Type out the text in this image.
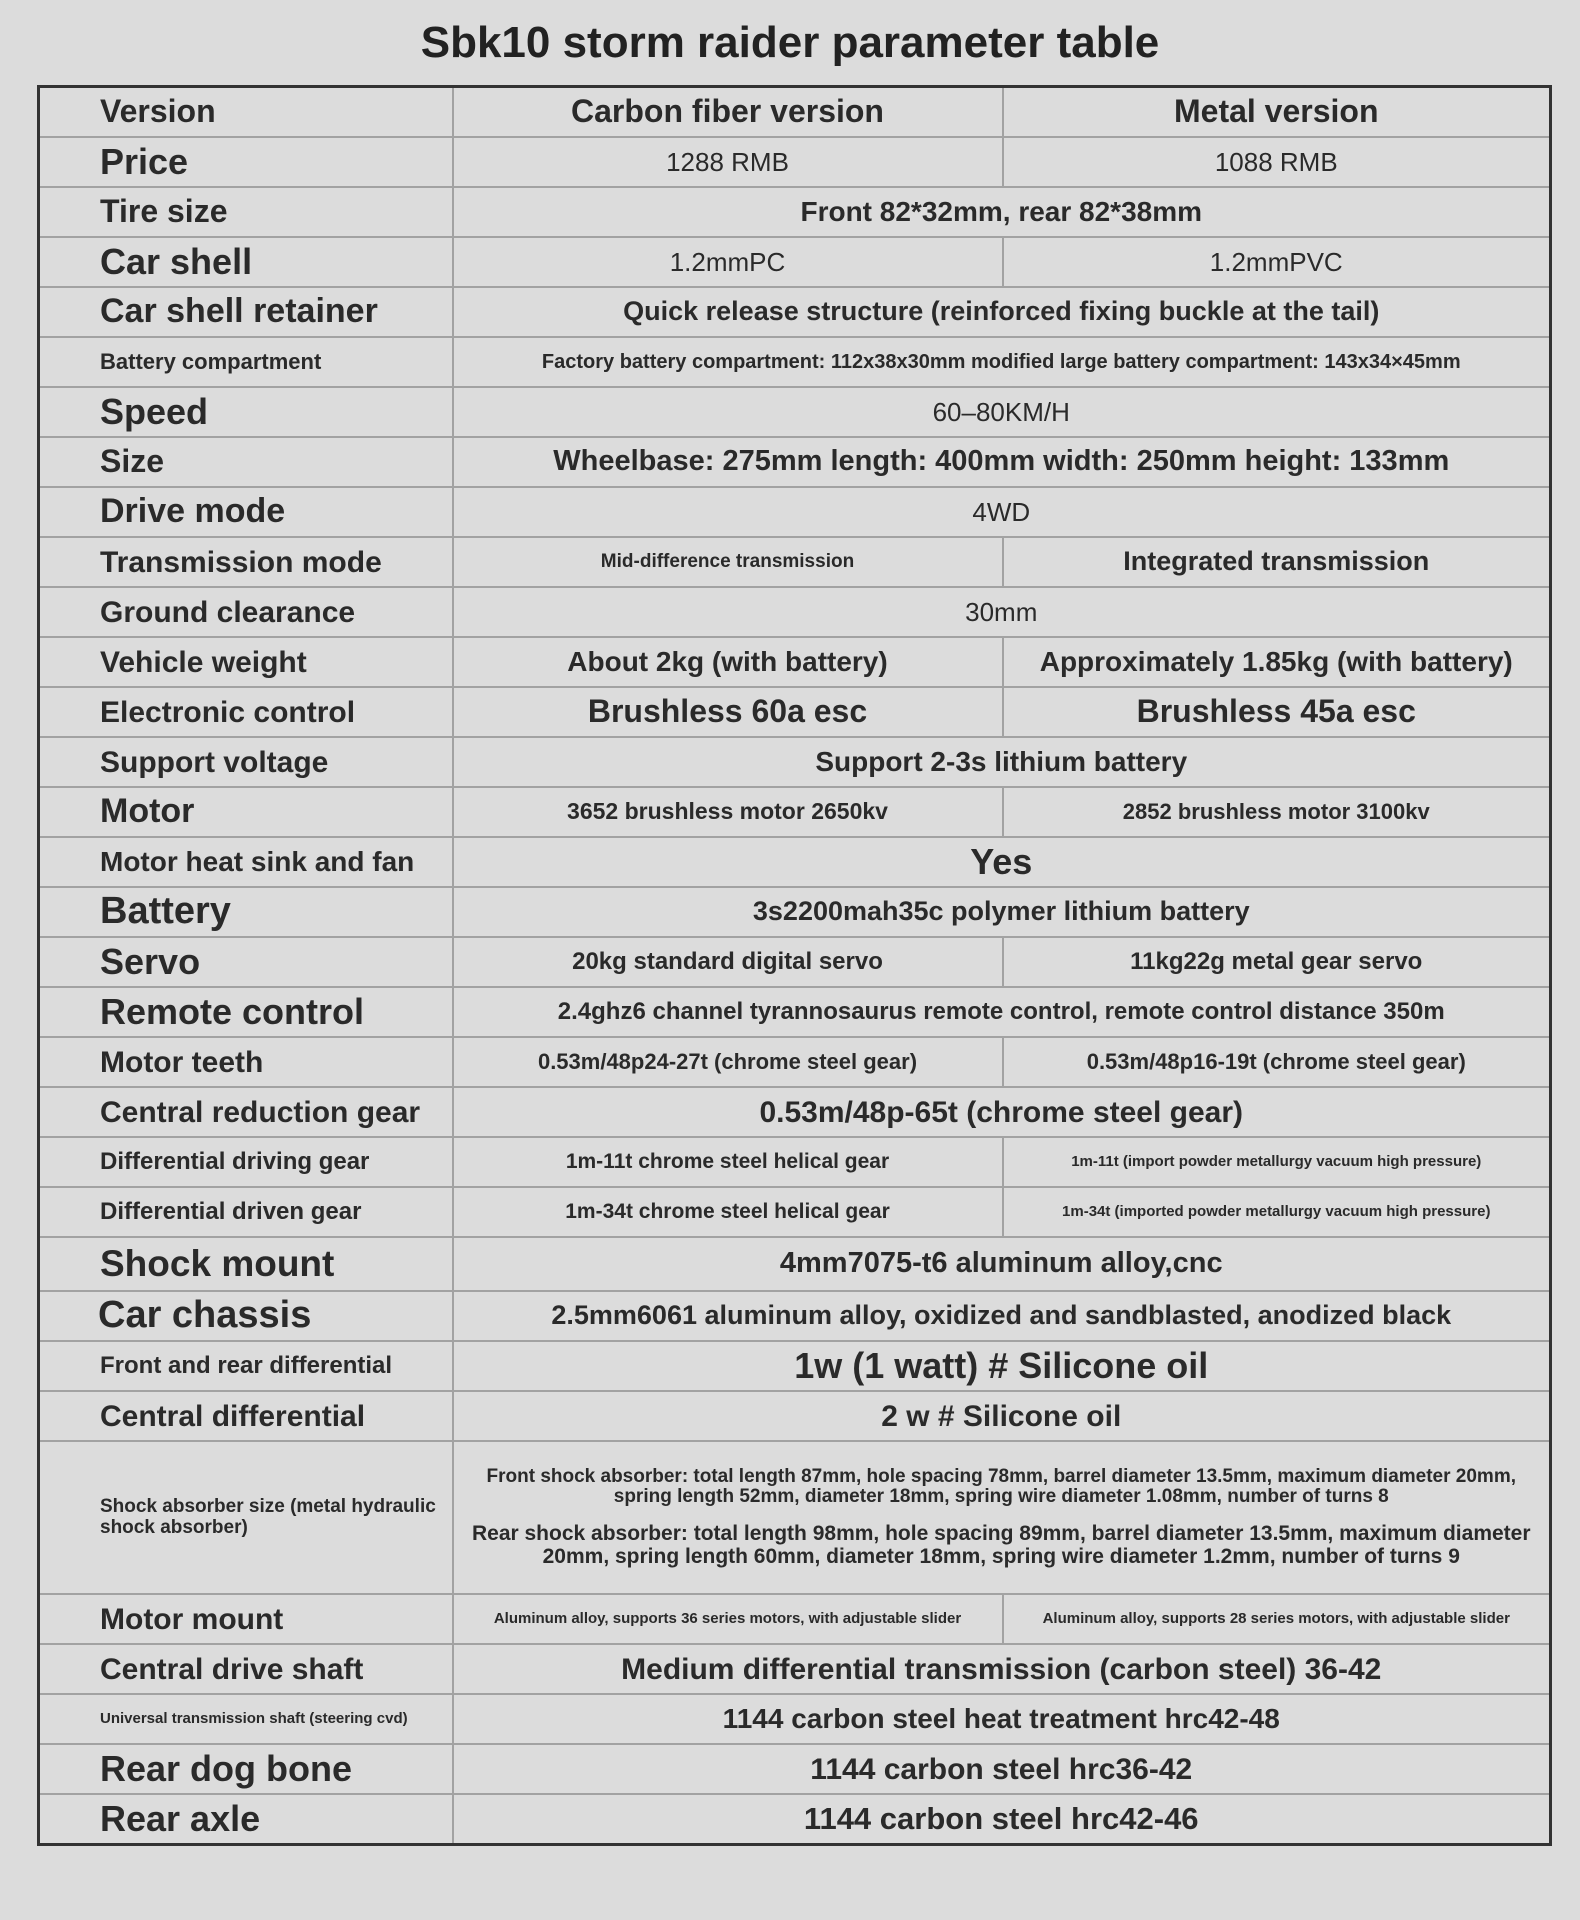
Sbk10 storm raider parameter table
Version	Carbon fiber version	Metal version
Price	1288 RMB	1088 RMB
Tire size	Front 82*32mm, rear 82*38mm	
Car shell	1.2mmPC	1.2mmPVC
Car shell retainer	Quick release structure (reinforced fixing buckle at the tail)	
Battery compartment	Factory battery compartment: 112x38x30mm modified large battery compartment: 143x34×45mm	
Speed	60–80KM/H	
Size	Wheelbase: 275mm length: 400mm width: 250mm height: 133mm	
Drive mode	4WD	
Transmission mode	Mid-difference transmission	Integrated transmission
Ground clearance	30mm	
Vehicle weight	About 2kg (with battery)	Approximately 1.85kg (with battery)
Electronic control	Brushless 60a esc	Brushless 45a esc
Support voltage	Support 2-3s lithium battery	
Motor	3652 brushless motor 2650kv	2852 brushless motor 3100kv
Motor heat sink and fan	Yes	
Battery	3s2200mah35c polymer lithium battery	
Servo	20kg standard digital servo	11kg22g metal gear servo
Remote control	2.4ghz6 channel tyrannosaurus remote control, remote control distance 350m	
Motor teeth	0.53m/48p24-27t (chrome steel gear)	0.53m/48p16-19t (chrome steel gear)
Central reduction gear	0.53m/48p-65t (chrome steel gear)	
Differential driving gear	1m-11t chrome steel helical gear	1m-11t (import powder metallurgy vacuum high pressure)
Differential driven gear	1m-34t chrome steel helical gear	1m-34t (imported powder metallurgy vacuum high pressure)
Shock mount	4mm7075-t6 aluminum alloy,cnc	
Car chassis	2.5mm6061 aluminum alloy, oxidized and sandblasted, anodized black	
Front and rear differential	1w (1 watt) # Silicone oil	
Central differential	2 w # Silicone oil	
Shock absorber size (metal hydraulic shock absorber)	Front shock absorber: total length 87mm, hole spacing 78mm, barrel diameter 13.5mm, maximum diameter 20mm, spring length 52mm, diameter 18mm, spring wire diameter 1.08mm, number of turns 8

Rear shock absorber: total length 98mm, hole spacing 89mm, barrel diameter 13.5mm, maximum diameter 20mm, spring length 60mm, diameter 18mm, spring wire diameter 1.2mm, number of turns 9	

Motor mount	Aluminum alloy, supports 36 series motors, with adjustable slider	Aluminum alloy, supports 28 series motors, with adjustable slider
Central drive shaft	Medium differential transmission (carbon steel) 36-42	
Universal transmission shaft (steering cvd)	1144 carbon steel heat treatment hrc42-48	
Rear dog bone	1144 carbon steel hrc36-42	
Rear axle	1144 carbon steel hrc42-46	
